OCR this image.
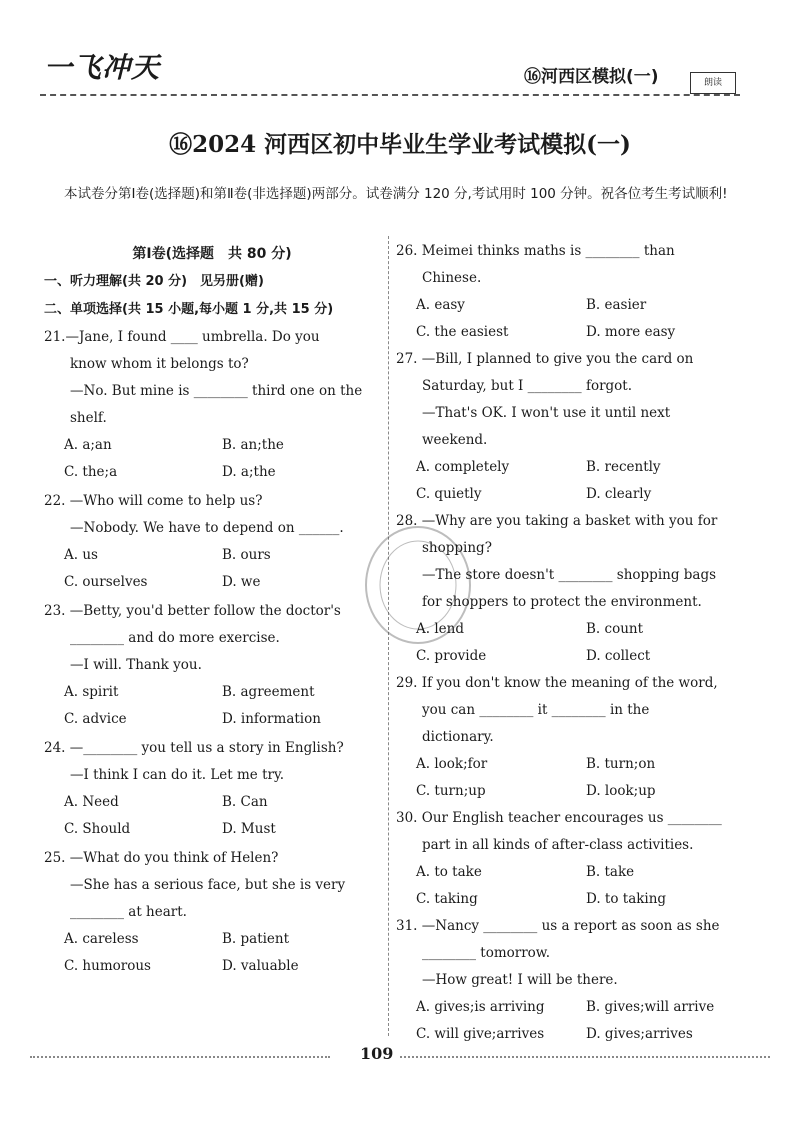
一飞冲天	⑯河西区模拟(一)	朗读
⑯2024 河西区初中毕业生学业考试模拟(一)
本试卷分第Ⅰ卷(选择题)和第Ⅱ卷(非选择题)两部分。试卷满分 120 分,考试用时 100 分钟。祝各位考生考试顺利!
第Ⅰ卷(选择题　共 80 分)
一、听力理解(共 20 分)　见另册(赠)
二、单项选择(共 15 小题,每小题 1 分,共 15 分)
21.—Jane, I found ____ umbrella. Do you
know whom it belongs to?
—No. But mine is ________ third one on the
shelf.
A. a;an	B. an;the
C. the;a	D. a;the
22. —Who will come to help us?
—Nobody. We have to depend on ______.
A. us	B. ours
C. ourselves	D. we
23. —Betty, you'd better follow the doctor's
________ and do more exercise.
—I will. Thank you.
A. spirit	B. agreement
C. advice	D. information
24. —________ you tell us a story in English?
—I think I can do it. Let me try.
A. Need	B. Can
C. Should	D. Must
25. —What do you think of Helen?
—She has a serious face, but she is very
________ at heart.
A. careless	B. patient
C. humorous	D. valuable
26. Meimei thinks maths is ________ than
Chinese.
A. easy	B. easier
C. the easiest	D. more easy
27. —Bill, I planned to give you the card on
Saturday, but I ________ forgot.
—That's OK. I won't use it until next
weekend.
A. completely	B. recently
C. quietly	D. clearly
28. —Why are you taking a basket with you for
shopping?
—The store doesn't ________ shopping bags
for shoppers to protect the environment.
A. lend	B. count
C. provide	D. collect
29. If you don't know the meaning of the word,
you can ________ it ________ in the
dictionary.
A. look;for	B. turn;on
C. turn;up	D. look;up
30. Our English teacher encourages us ________
part in all kinds of after-class activities.
A. to take	B. take
C. taking	D. to taking
31. —Nancy ________ us a report as soon as she
________ tomorrow.
—How great! I will be there.
A. gives;is arriving	B. gives;will arrive
C. will give;arrives	D. gives;arrives
109
